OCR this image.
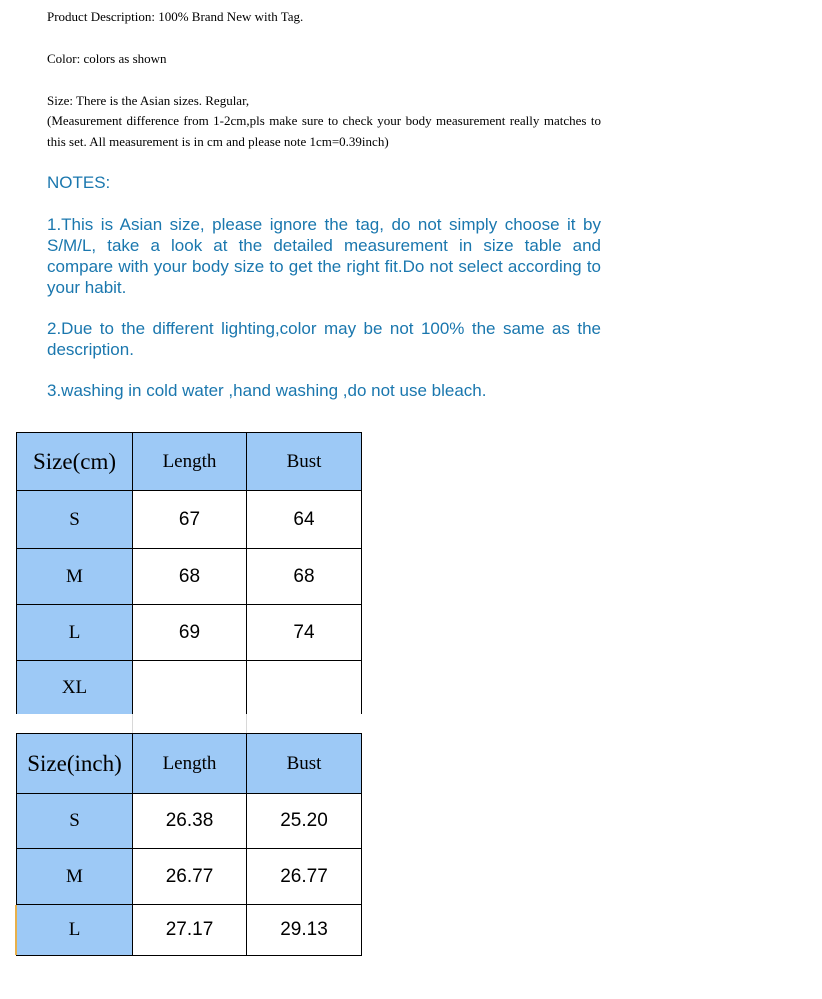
Product Description: 100% Brand New with Tag.

Color: colors as shown

Size: There is the Asian sizes. Regular,

(Measurement difference from 1-2cm,pls make sure to check your body measurement really matches to this set. All measurement is in cm and please note 1cm=0.39inch)

NOTES:

1.This is Asian size, please ignore the tag, do not simply choose it by S/M/L, take a look at the detailed measurement in size table and compare with your body size to get the right fit.Do not select according to your habit.

2.Due to the different lighting,color may be not 100% the same as the description.

3.washing in cold water ,hand washing ,do not use bleach.

Size(cm)	Length	Bust
S	67	64
M	68	68
L	69	74
XL		
Size(inch)	Length	Bust
S	26.38	25.20
M	26.77	26.77
L	27.17	29.13
